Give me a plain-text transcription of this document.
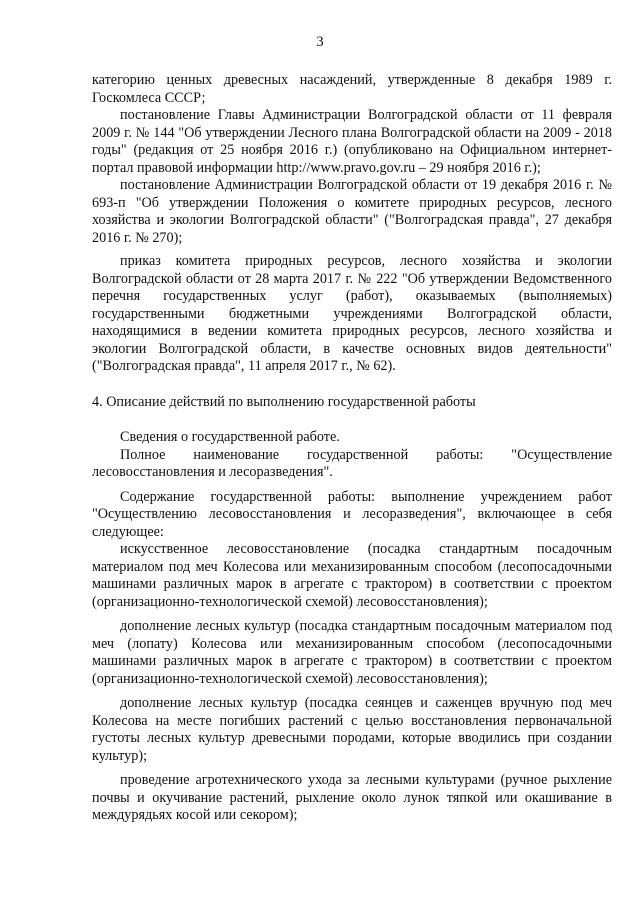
3

категорию ценных древесных насаждений, утвержденные 8 декабря 1989 г. Госкомлеса СССР;

постановление Главы Администрации Волгоградской области от 11 февраля 2009 г. № 144 "Об утверждении Лесного плана Волгоградской области на 2009 - 2018 годы" (редакция от 25 ноября 2016 г.) (опубликовано на Официальном интернет-портал правовой информации http://www.pravo.gov.ru – 29 ноября 2016 г.);

постановление Администрации Волгоградской области от 19 декабря 2016 г. № 693-п "Об утверждении Положения о комитете природных ресурсов, лесного хозяйства и экологии Волгоградской области" ("Волгоградская правда", 27 декабря 2016 г. № 270);

приказ комитета природных ресурсов, лесного хозяйства и экологии Волгоградской области от 28 марта 2017 г. № 222 "Об утверждении Ведомственного перечня государственных услуг (работ), оказываемых (выполняемых) государственными бюджетными учреждениями Волгоградской области, находящимися в ведении комитета природных ресурсов, лесного хозяйства и экологии Волгоградской области, в качестве основных видов деятельности" ("Волгоградская правда", 11 апреля 2017 г., № 62).

4. Описание действий по выполнению государственной работы

Сведения о государственной работе.

Полное наименование государственной работы: "Осуществление лесовосстановления и лесоразведения".

Содержание государственной работы: выполнение учреждением работ "Осуществлению лесовосстановления и лесоразведения", включающее в себя следующее:

искусственное лесовосстановление (посадка стандартным посадочным материалом под меч Колесова или механизированным способом (лесопосадочными машинами различных марок в агрегате с трактором) в соответствии с проектом (организационно-технологической схемой) лесовосстановления);

дополнение лесных культур (посадка стандартным посадочным материалом под меч (лопату) Колесова или механизированным способом (лесопосадочными машинами различных марок в агрегате с трактором) в соответствии с проектом (организационно-технологической схемой) лесовосстановления);

дополнение лесных культур (посадка сеянцев и саженцев вручную под меч Колесова на месте погибших растений с целью восстановления первоначальной густоты лесных культур древесными породами, которые вводились при создании культур);

проведение агротехнического ухода за лесными культурами (ручное рыхление почвы и окучивание растений, рыхление около лунок тяпкой или окашивание в междурядьях косой или секором);
